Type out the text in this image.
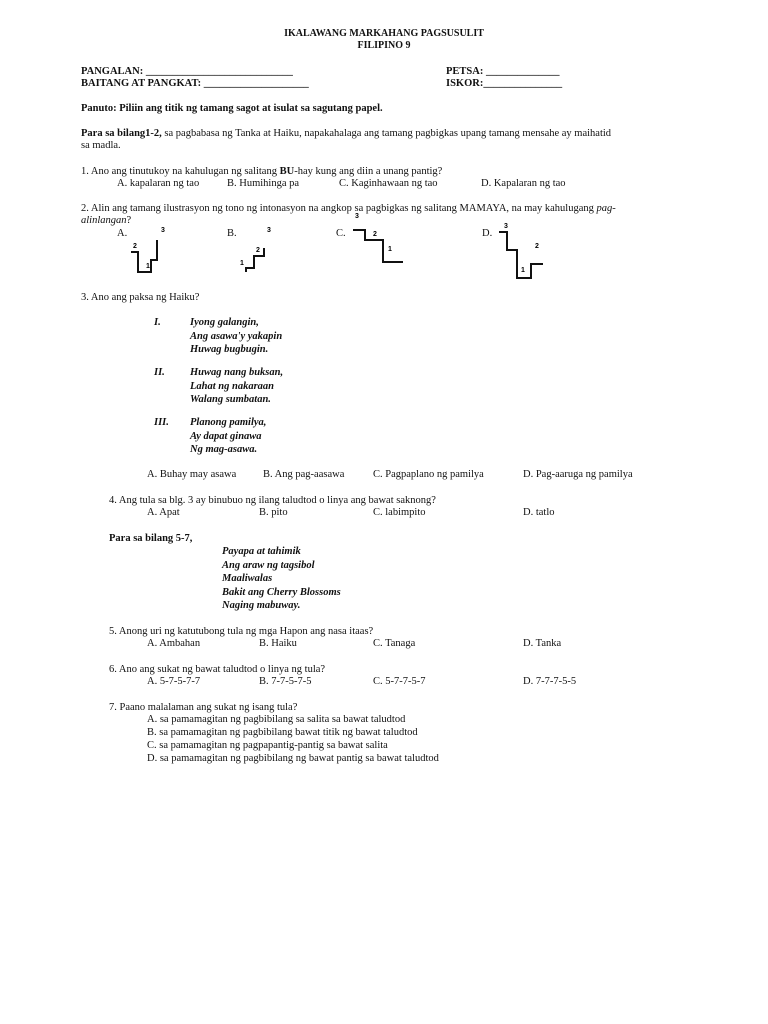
IKALAWANG MARKAHANG PAGSUSULIT
FILIPINO 9
PANGALAN: ____________________________
BAITANG AT PANGKAT: ____________________
PETSA: ______________
ISKOR:_______________
Panuto: Piliin ang titik ng tamang sagot at isulat sa sagutang papel.
Para sa bilang1-2, sa pagbabasa ng Tanka at Haiku, napakahalaga ang tamang pagbigkas upang tamang mensahe ay maihatid
sa madla.
1. Ano ang tinutukoy na kahulugan ng salitang BU-hay kung ang diin a unang pantig?
A. kapalaran ng tao	B. Humihinga pa	C. Kaginhawaan ng tao	D. Kapalaran ng tao
2. Alin ang tamang ilustrasyon ng tono ng intonasyon na angkop sa pagbigkas ng salitang MAMAYA, na may kahulugang pag-
alinlangan?
A.	B.	C.	D.
2
3
1
3
2
1
3
2
1
3
2
1
3. Ano ang paksa ng Haiku?
I.	Iyong galangin,
Ang asawa'y yakapin
Huwag bugbugin.
II. Huwag nang buksan,
Lahat ng nakaraan
Walang sumbatan.
III. Planong pamilya,
Ay dapat ginawa
Ng mag-asawa.
A. Buhay may asawa	B. Ang pag-aasawa	C. Pagpaplano ng pamilya	D. Pag-aaruga ng pamilya
4. Ang tula sa blg. 3 ay binubuo ng ilang taludtod o linya ang bawat saknong?
A. Apat	B. pito	C. labimpito	D. tatlo
Para sa bilang 5-7,
Payapa at tahimik
Ang araw ng tagsibol
Maaliwalas
Bakit ang Cherry Blossoms
Naging mabuway.
5. Anong uri ng katutubong tula ng mga Hapon ang nasa itaas?
A. Ambahan	B. Haiku	C. Tanaga	D. Tanka
6. Ano ang sukat ng bawat taludtod o linya ng tula?
A. 5-7-5-7-7	B. 7-7-5-7-5	C. 5-7-7-5-7	D. 7-7-7-5-5
7. Paano malalaman ang sukat ng isang tula?
A. sa pamamagitan ng pagbibilang sa salita sa bawat taludtod
B. sa pamamagitan ng pagbibilang bawat titik ng bawat taludtod
C. sa pamamagitan ng pagpapantig-pantig sa bawat salita
D. sa pamamagitan ng pagbibilang ng bawat pantig sa bawat taludtod
